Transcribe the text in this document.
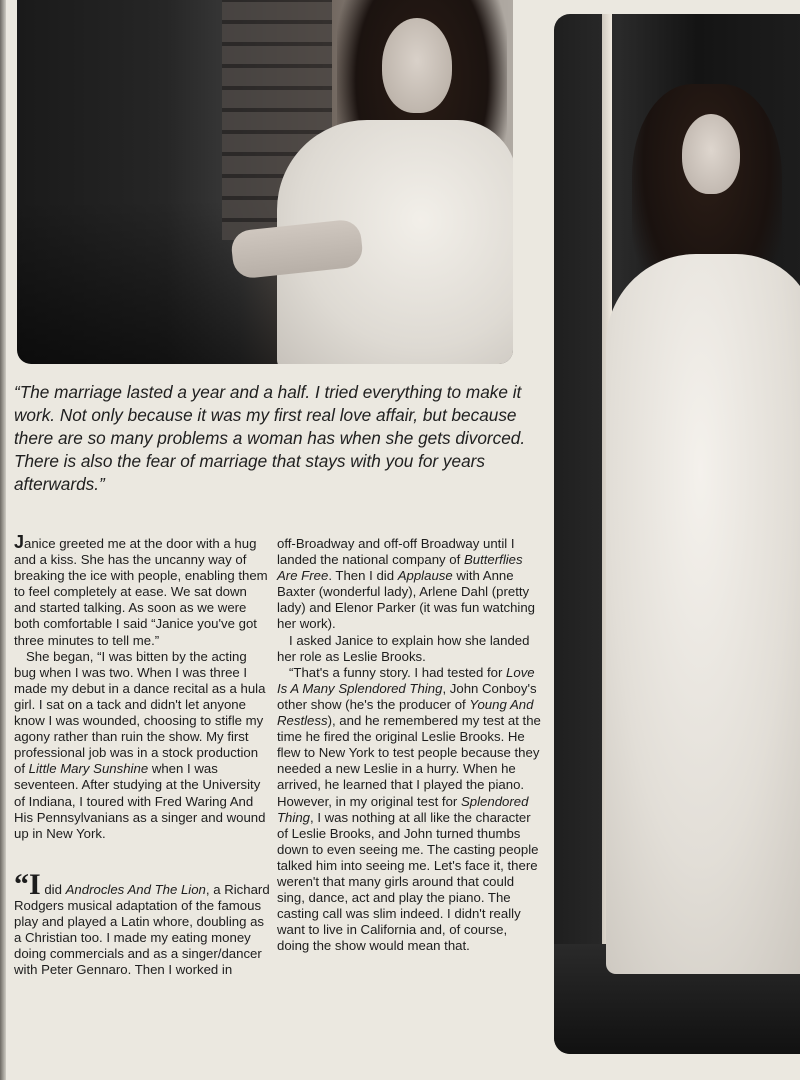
“The marriage lasted a year and a half. I tried everything to make it work. Not only because it was my first real love affair, but because there are so many problems a woman has when she gets divorced. There is also the fear of marriage that stays with you for years afterwards.”

Janice greeted me at the door with a hug and a kiss. She has the uncanny way of breaking the ice with people, enabling them to feel completely at ease. We sat down and started talking. As soon as we were both comfortable I said “Janice you've got three minutes to tell me.”

She began, “I was bitten by the acting bug when I was two. When I was three I made my debut in a dance recital as a hula girl. I sat on a tack and didn't let anyone know I was wounded, choosing to stifle my agony rather than ruin the show. My first professional job was in a stock production of Little Mary Sunshine when I was seventeen. After studying at the University of Indiana, I toured with Fred Waring And His Pennsylvanians as a singer and wound up in New York.

“I did Androcles And The Lion, a Richard Rodgers musical adaptation of the famous play and played a Latin whore, doubling as a Christian too. I made my eating money doing commercials and as a singer/dancer with Peter Gennaro. Then I worked in

off-Broadway and off-off Broadway until I landed the national company of Butterflies Are Free. Then I did Applause with Anne Baxter (wonderful lady), Arlene Dahl (pretty lady) and Elenor Parker (it was fun watching her work).

I asked Janice to explain how she landed her role as Leslie Brooks.

“That's a funny story. I had tested for Love Is A Many Splendored Thing, John Conboy's other show (he's the producer of Young And Restless), and he remembered my test at the time he fired the original Leslie Brooks. He flew to New York to test people because they needed a new Leslie in a hurry. When he arrived, he learned that I played the piano. However, in my original test for Splendored Thing, I was nothing at all like the character of Leslie Brooks, and John turned thumbs down to even seeing me. The casting people talked him into seeing me. Let's face it, there weren't that many girls around that could sing, dance, act and play the piano. The casting call was slim indeed. I didn't really want to live in California and, of course, doing the show would mean that.
